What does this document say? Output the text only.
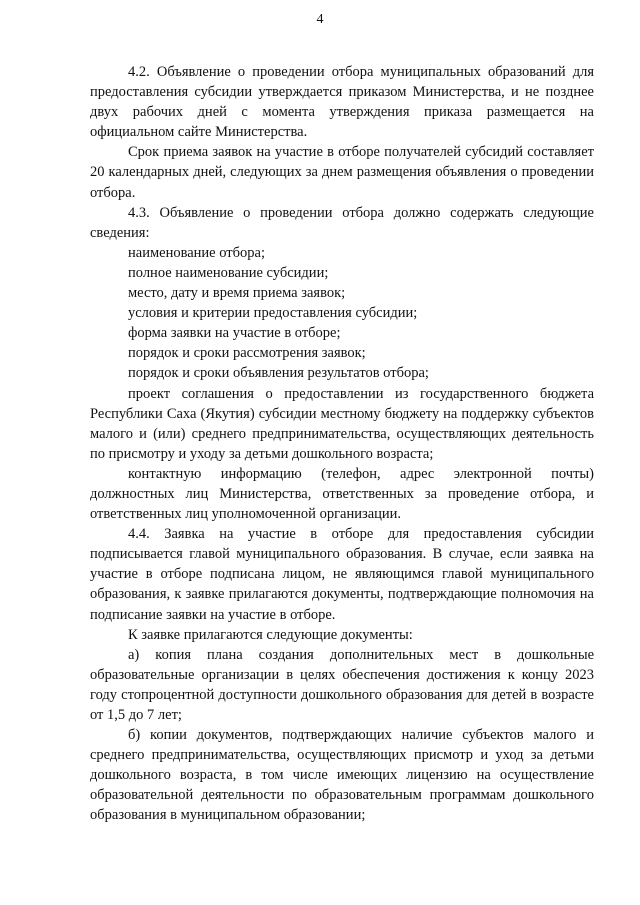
4

4.2. Объявление о проведении отбора муниципальных образований для предоставления субсидии утверждается приказом Министерства, и не позднее двух рабочих дней с момента утверждения приказа размещается на официальном сайте Министерства.

Срок приема заявок на участие в отборе получателей субсидий составляет 20 календарных дней, следующих за днем размещения объявления о проведении отбора.

4.3. Объявление о проведении отбора должно содержать следующие сведения:

наименование отбора;

полное наименование субсидии;

место, дату и время приема заявок;

условия и критерии предоставления субсидии;

форма заявки на участие в отборе;

порядок и сроки рассмотрения заявок;

порядок и сроки объявления результатов отбора;

проект соглашения о предоставлении из государственного бюджета Республики Саха (Якутия) субсидии местному бюджету на поддержку субъектов малого и (или) среднего предпринимательства, осуществляющих деятельность по присмотру и уходу за детьми дошкольного возраста;

контактную информацию (телефон, адрес электронной почты) должностных лиц Министерства, ответственных за проведение отбора, и ответственных лиц уполномоченной организации.

4.4. Заявка на участие в отборе для предоставления субсидии подписывается главой муниципального образования. В случае, если заявка на участие в отборе подписана лицом, не являющимся главой муниципального образования, к заявке прилагаются документы, подтверждающие полномочия на подписание заявки на участие в отборе.

К заявке прилагаются следующие документы:

а) копия плана создания дополнительных мест в дошкольные образовательные организации в целях обеспечения достижения к концу 2023 году стопроцентной доступности дошкольного образования для детей в возрасте от 1,5 до 7 лет;

б) копии документов, подтверждающих наличие субъектов малого и среднего предпринимательства, осуществляющих присмотр и уход за детьми дошкольного возраста, в том числе имеющих лицензию на осуществление образовательной деятельности по образовательным программам дошкольного образования в муниципальном образовании;
